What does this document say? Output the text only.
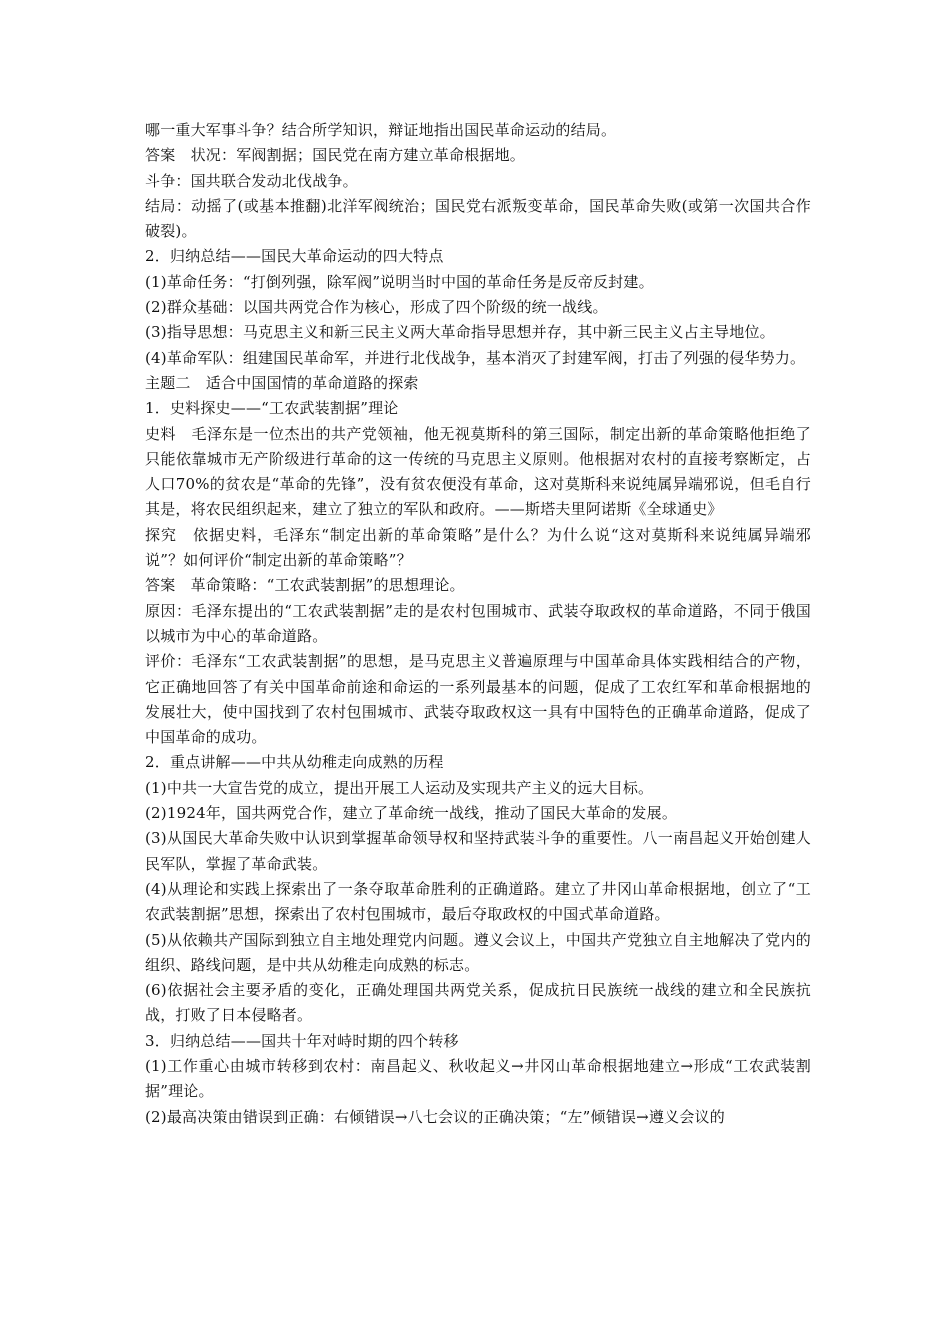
哪一重大军事斗争？结合所学知识，辩证地指出国民革命运动的结局。

答案　状况：军阀割据；国民党在南方建立革命根据地。

斗争：国共联合发动北伐战争。

结局：动摇了(或基本推翻)北洋军阀统治；国民党右派叛变革命，国民革命失败(或第一次国共合作破裂)。

2．归纳总结——国民大革命运动的四大特点

(1)革命任务：“打倒列强，除军阀”说明当时中国的革命任务是反帝反封建。

(2)群众基础：以国共两党合作为核心，形成了四个阶级的统一战线。

(3)指导思想：马克思主义和新三民主义两大革命指导思想并存，其中新三民主义占主导地位。

(4)革命军队：组建国民革命军，并进行北伐战争，基本消灭了封建军阀，打击了列强的侵华势力。

主题二　适合中国国情的革命道路的探索

1．史料探史——“工农武装割据”理论

史料　毛泽东是一位杰出的共产党领袖，他无视莫斯科的第三国际，制定出新的革命策略他拒绝了只能依靠城市无产阶级进行革命的这一传统的马克思主义原则。他根据对农村的直接考察断定，占人口70%的贫农是“革命的先锋”，没有贫农便没有革命，这对莫斯科来说纯属异端邪说，但毛自行其是，将农民组织起来，建立了独立的军队和政府。——斯塔夫里阿诺斯《全球通史》

探究　依据史料，毛泽东“制定出新的革命策略”是什么？为什么说“这对莫斯科来说纯属异端邪说”？如何评价“制定出新的革命策略”？

答案　革命策略：“工农武装割据”的思想理论。

原因：毛泽东提出的“工农武装割据”走的是农村包围城市、武装夺取政权的革命道路，不同于俄国以城市为中心的革命道路。

评价：毛泽东“工农武装割据”的思想，是马克思主义普遍原理与中国革命具体实践相结合的产物，它正确地回答了有关中国革命前途和命运的一系列最基本的问题，促成了工农红军和革命根据地的发展壮大，使中国找到了农村包围城市、武装夺取政权这一具有中国特色的正确革命道路，促成了中国革命的成功。

2．重点讲解——中共从幼稚走向成熟的历程

(1)中共一大宣告党的成立，提出开展工人运动及实现共产主义的远大目标。

(2)1924年，国共两党合作，建立了革命统一战线，推动了国民大革命的发展。

(3)从国民大革命失败中认识到掌握革命领导权和坚持武装斗争的重要性。八一南昌起义开始创建人民军队，掌握了革命武装。

(4)从理论和实践上探索出了一条夺取革命胜利的正确道路。建立了井冈山革命根据地，创立了“工农武装割据”思想，探索出了农村包围城市，最后夺取政权的中国式革命道路。

(5)从依赖共产国际到独立自主地处理党内问题。遵义会议上，中国共产党独立自主地解决了党内的组织、路线问题，是中共从幼稚走向成熟的标志。

(6)依据社会主要矛盾的变化，正确处理国共两党关系，促成抗日民族统一战线的建立和全民族抗战，打败了日本侵略者。

3．归纳总结——国共十年对峙时期的四个转移

(1)工作重心由城市转移到农村：南昌起义、秋收起义→井冈山革命根据地建立→形成“工农武装割据”理论。

(2)最高决策由错误到正确：右倾错误→八七会议的正确决策；“左”倾错误→遵义会议的
